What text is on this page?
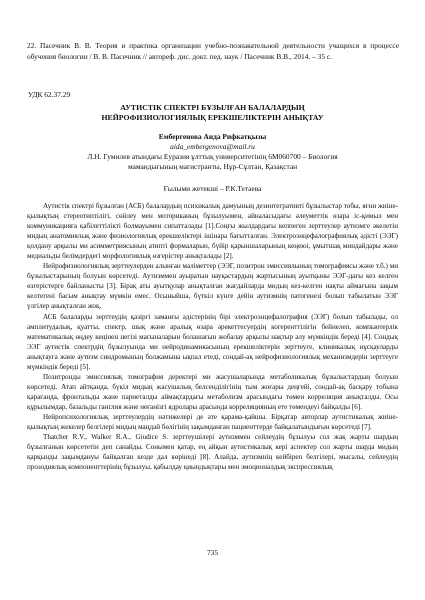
22. Пасечник В. В. Теория и практика организации учебно-познавательной деятельности учащихся в процессе обучения биологии / В. В. Пасечник // автореф. дис. докт. пед. наук / Пасечник В.В., 2014. – 35 с.
УДК 62.37.29
АУТИСТІК СПЕКТРІ БҰЗЫЛҒАН БАЛАЛАРДЫҢ
НЕЙРОФИЗИОЛОГИЯЛЫҚ ЕРЕКШЕЛІКТЕРІН АНЫҚТАУ
Ембергенова Аида Рифкатқызы
aida_embergenova@mail.ru
Л.Н. Гумилев атындағы Еуразия ұлттық университетінің 6М060700 – Биология мамандығының магистранты, Нұр-Сұлтан, Қазақстан
Ғылыми жетекші – Р.К.Тетаева

Аутистік спектрі бұзылған (АСБ) балалардың психикалық дамуының дезинтегративті бұзылыстар тобы, яғни жиіне-қылықтың стереотиптілігі, сөйлеу мен моториканың бұзылуымен, айналасыдағы әлеуметтік өзара іс-қимыл мен коммуникацияға қабілеттілікті болмауымен сипатталады [1].Соңғы жылдардағы кеппеген зерттеулер аутизмге әкелетін мидың анатомиялық және физиологиялық ерекшеліктері ішінара бағытталған. Электроэнцефалографиялық әдісті (ЭЭГ) қолдану арқылы ми асимметриясының атипті формаларын, бүйір қарыншаларының кеңеюі, ұмытшақ миндайдары және медиальды белімдердегі морфологиялық өзгерістер анықталады [2].

Нейрофизиологиялық зерттеулерден алынған мәліметтер (ЭЭГ, позитрон эмиссиялының томографиясы және т.б.) ми бұзылыстарының болуын көрсетеді. Аутизммен ауыратын науқастардың жартысының ауытқыны ЭЭГ-дағы кез келген өзгерістерге байланысты [3]. Бірақ аты ауытқулар анықталған жағдайларда мидың кез-келген нақты аймағына зақым келтегені басым анықтау мүмкін емес. Осыныйша, бүткіл күнге дейін аутизмнің патогенезі болып табылатын ЭЭГ үлгілер анықталған жоқ.

АСБ балаларды зерттеудің қазіргі заманғы әдістерінің бірі электроэнцефалография (ЭЭГ) болып табылады, ол амплитудалық, қуатты, спектр, шық және аралық өзара әрекеттесуердің когеренттілігін бейнелеп, компьютерлік математикалық өңдеу кеңінен негізі мағыналарын болашағын жобалау арқылы нақтыр алу мүмкіндік береді [4]. Сондық ЭЭГ аутистік спектрдің бұзылуында ми нейродинамикасының ерекшеліктерін зерттеуге, клиникалық нұсқауларды анықтауға және аутизм синдромының болжамына ықпал етеді, сондай-ақ нейрофизиологиялық механизмдерін зерттеуге мүмкіндік береді [5].

Позитронды эмиссиялық томография деректері ми жасушаларында метаболикалық бұзылыстардың болуын көрсетеді. Атап айтқанда, бүкіл мидың жасушалық белсенділігінің тым жоғары деңгейі, сондай-ақ басқару тобына қарағанда, фронтальды және париеталды аймақтардағы метаболизм арасындағы төмен корреляция анықталды. Осы құрылымдар, базальды ганглия және неғанізгі ядролары арасында корреляцияның ете төмендеуі байқалды [6].

Нейропсихологиялық зерттеулердің нәтижелері де әте қарама-қайшы. Бірқатар авторлар аутистикалық жиіне-қылықтың жекелер белгілері мидың маңдай бөлігінің зақымданған пациенттерде байқалатындығын көрсетеді [7].

Thatcher R.V., Walker R.A., Giudice S. зерттеушілері аутизммен сейлеудің бұзылуы сол жақ жарты шардың бұзылғанын көрсететін деп санайды. Сонымен қатар, ең айқын аутистикалық кері аспектер сол жарты шарда мидың қарқынды зақымдануы байқалған кезде дал көрінеді [8]. Алайда, аутизмнің кейбіреп белгілері, мысалы, сейлеудің прозодиялық компоненттерінің бұзылуы, қабылдау қиындықтары мен эмоционалдық экспрессиялық

735
